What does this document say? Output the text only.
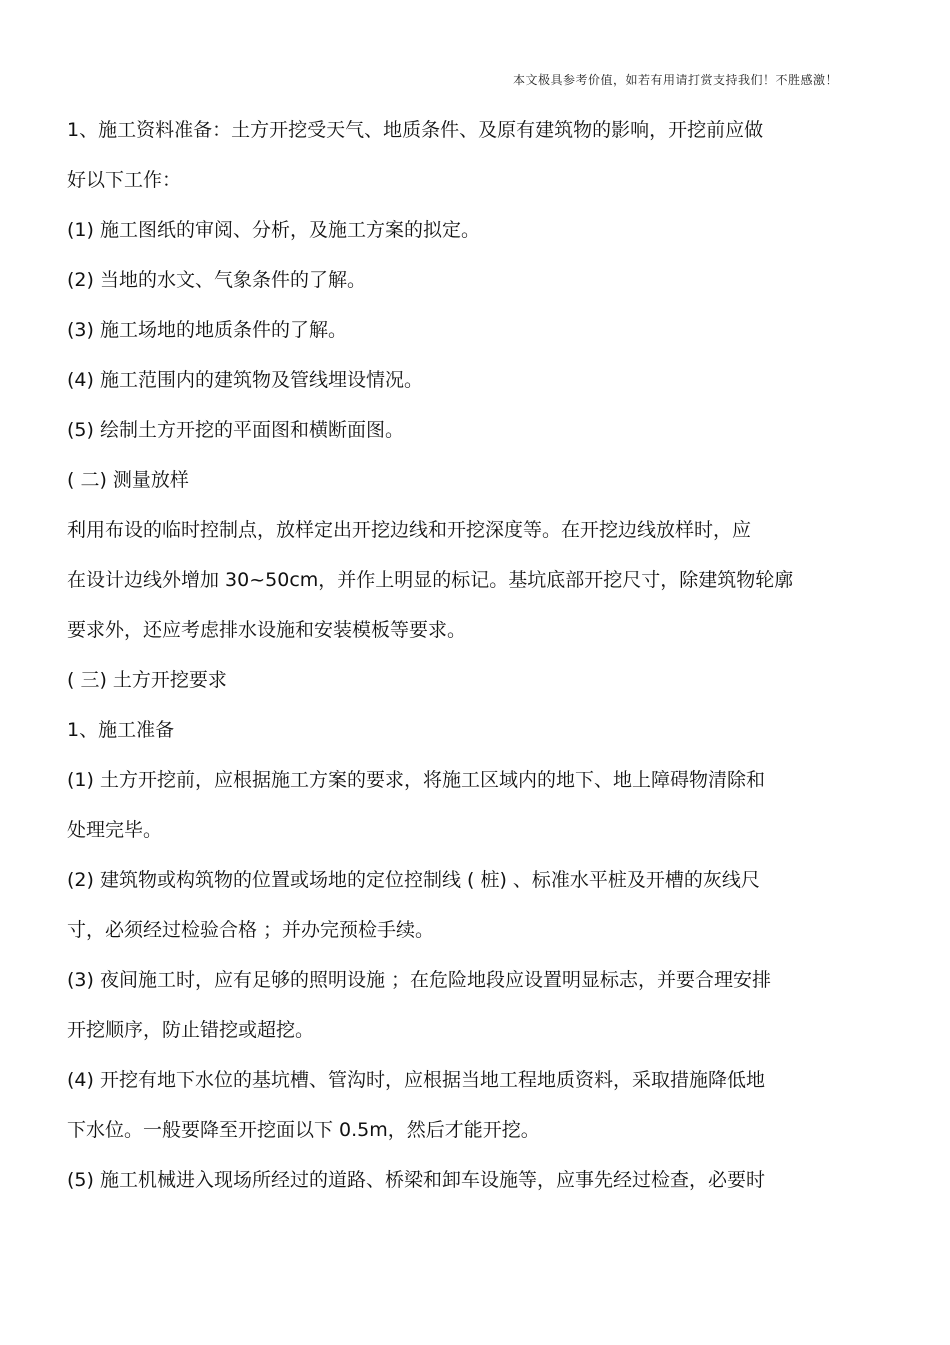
本文极具参考价值，如若有用请打赏支持我们！不胜感激！
1、施工资料准备：土方开挖受天气、地质条件、及原有建筑物的影响，开挖前应做
好以下工作：
(1) 施工图纸的审阅、分析，及施工方案的拟定。
(2) 当地的水文、气象条件的了解。
(3) 施工场地的地质条件的了解。
(4) 施工范围内的建筑物及管线埋设情况。
(5) 绘制土方开挖的平面图和横断面图。
( 二) 测量放样
利用布设的临时控制点，放样定出开挖边线和开挖深度等。在开挖边线放样时，应
在设计边线外增加 30~50cm，并作上明显的标记。基坑底部开挖尺寸，除建筑物轮廓
要求外，还应考虑排水设施和安装模板等要求。
( 三) 土方开挖要求
1、施工准备
(1) 土方开挖前，应根据施工方案的要求，将施工区域内的地下、地上障碍物清除和
处理完毕。
(2) 建筑物或构筑物的位置或场地的定位控制线 ( 桩) 、标准水平桩及开槽的灰线尺
寸，必须经过检验合格 ；并办完预检手续。
(3) 夜间施工时，应有足够的照明设施 ；在危险地段应设置明显标志，并要合理安排
开挖顺序，防止错挖或超挖。
(4) 开挖有地下水位的基坑槽、管沟时，应根据当地工程地质资料，采取措施降低地
下水位。一般要降至开挖面以下 0.5m，然后才能开挖。
(5) 施工机械进入现场所经过的道路、桥梁和卸车设施等，应事先经过检查，必要时
